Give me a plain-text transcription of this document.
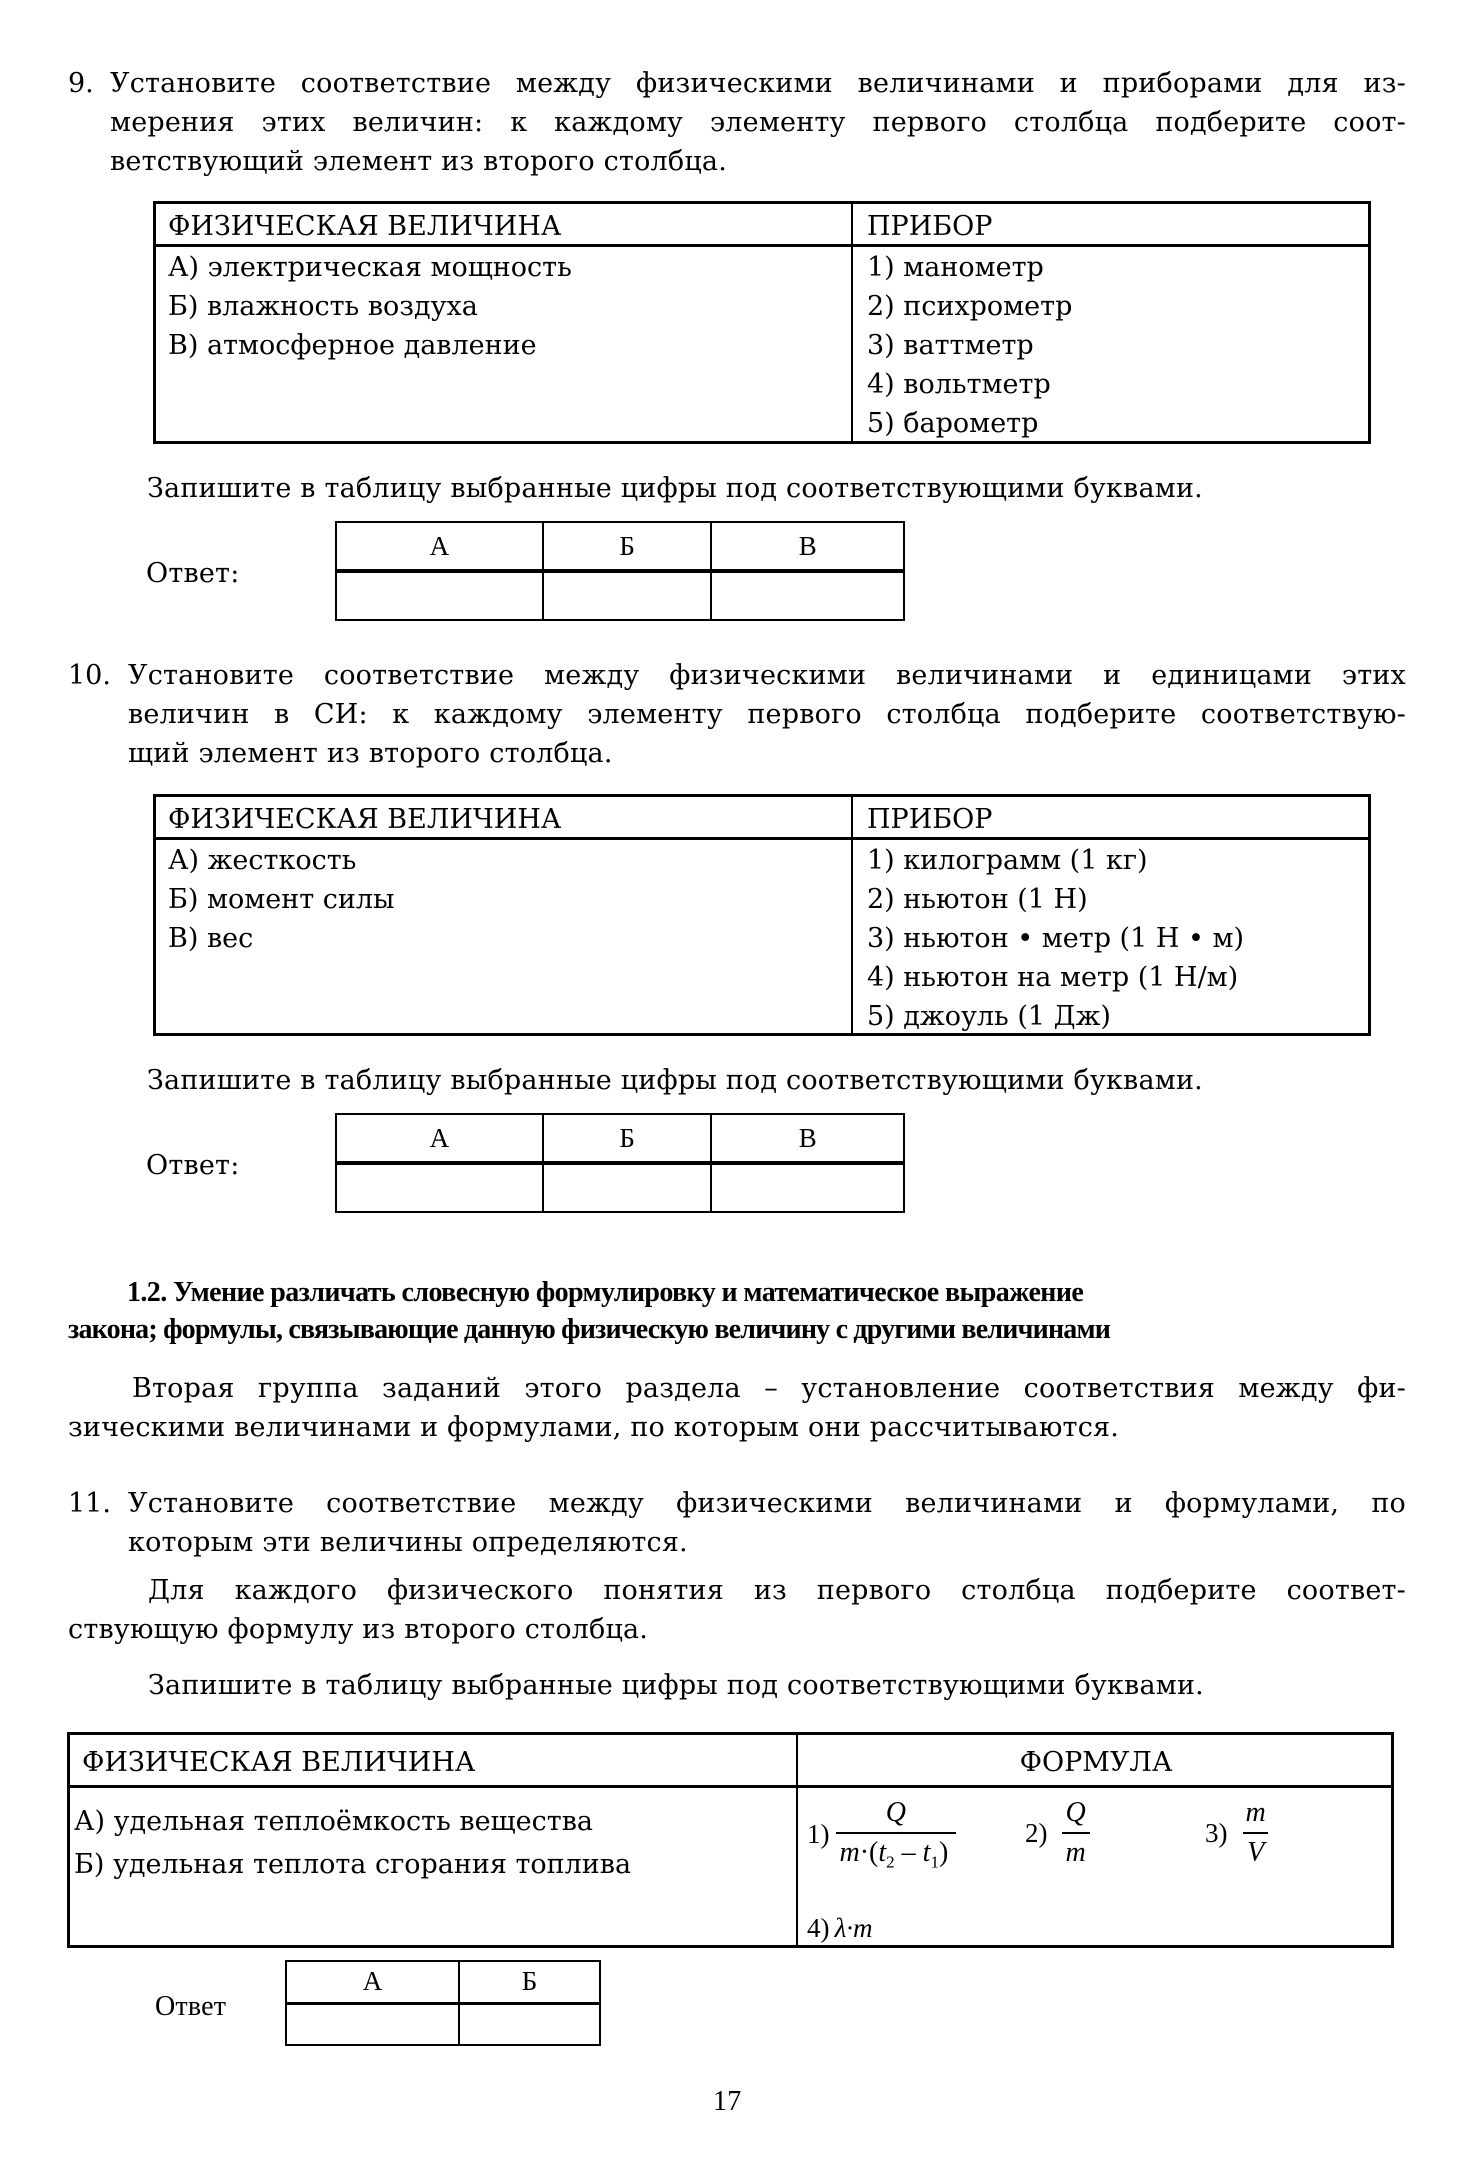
9. Установите соответствие между физическими величинами и приборами для из-
мерения этих величин: к каждому элементу первого столбца подберите соот-
ветствующий элемент из второго столбца.
ФИЗИЧЕСКАЯ ВЕЛИЧИНА	ПРИБОР
А) электрическая мощность
Б) влажность воздуха
В) атмосферное давление
1) манометр
2) психрометр
3) ваттметр
4) вольтметр
5) барометр
Запишите в таблицу выбранные цифры под соответствующими буквами.
Ответ:
А	Б	В

10. Установите соответствие между физическими величинами и единицами этих
величин в СИ: к каждому элементу первого столбца подберите соответствую-
щий элемент из второго столбца.
ФИЗИЧЕСКАЯ ВЕЛИЧИНА	ПРИБОР
А) жесткость
Б) момент силы
В) вес
1) килограмм (1 кг)
2) ньютон (1 Н)
3) ньютон • метр (1 Н • м)
4) ньютон на метр (1 Н/м)
5) джоуль (1 Дж)
Запишите в таблицу выбранные цифры под соответствующими буквами.
Ответ:
А	Б	В

1.2. Умение различать словесную формулировку и математическое выражение
закона; формулы, связывающие данную физическую величину с другими величинами
Вторая группа заданий этого раздела – установление соответствия между фи-
зическими величинами и формулами, по которым они рассчитываются.
11. Установите соответствие между физическими величинами и формулами, по
которым эти величины определяются.
Для каждого физического понятия из первого столбца подберите соответ-
ствующую формулу из второго столбца.
Запишите в таблицу выбранные цифры под соответствующими буквами.
ФИЗИЧЕСКАЯ ВЕЛИЧИНА	ФОРМУЛА
А) удельная теплоёмкость вещества
Б) удельная теплота сгорания топлива
$1) \frac{Q}{m\cdot(t_2 - t_1)}$	$2) \frac{Q}{m}$	$3) \frac{m}{V}$
4) λ·m
Ответ
А	Б

17
